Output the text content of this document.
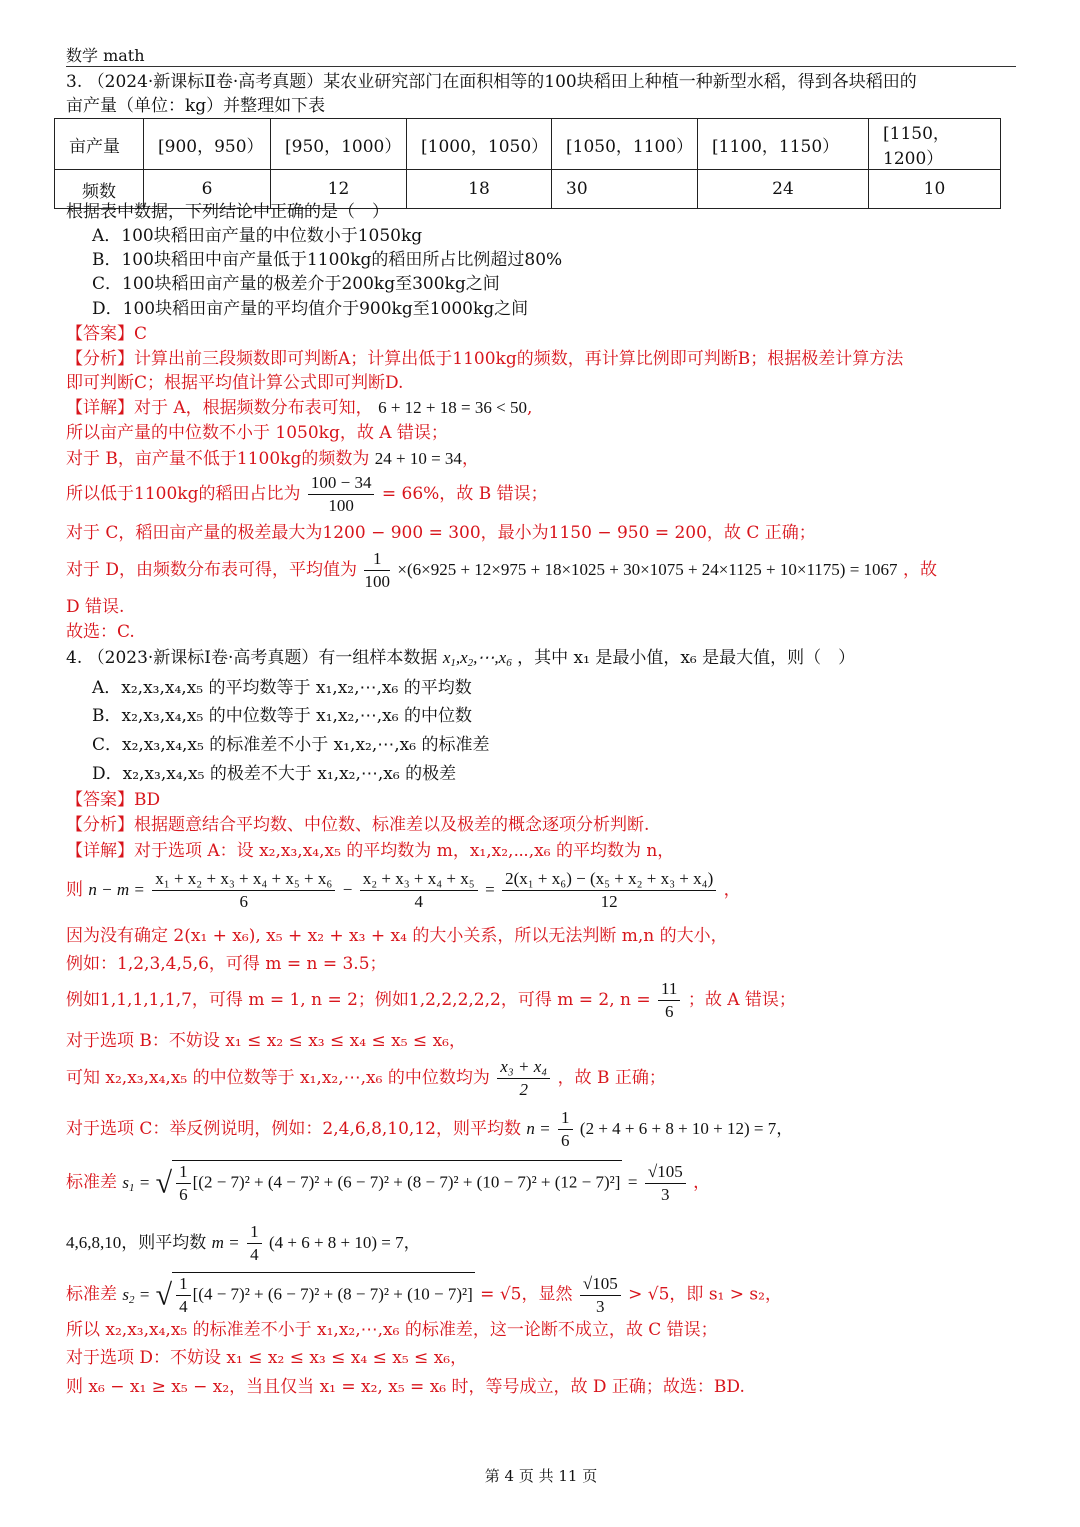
数学 math
3. （2024·新课标Ⅱ卷·高考真题）某农业研究部门在面积相等的100块稻田上种植一种新型水稻，得到各块稻田的
亩产量（单位：kg）并整理如下表
亩产量	[900，950）	[950，1000）	[1000，1050）	[1050，1100）	[1100，1150）	[1150，1200）
频数	6	12	18	30	24	10
根据表中数据，下列结论中正确的是（　）
A．100块稻田亩产量的中位数小于1050kg
B．100块稻田中亩产量低于1100kg的稻田所占比例超过80%
C．100块稻田亩产量的极差介于200kg至300kg之间
D．100块稻田亩产量的平均值介于900kg至1000kg之间
【答案】C
【分析】计算出前三段频数即可判断A；计算出低于1100kg的频数，再计算比例即可判断B；根据极差计算方法
即可判断C；根据平均值计算公式即可判断D.
【详解】对于 A，根据频数分布表可知， 6 + 12 + 18 = 36 < 50,
所以亩产量的中位数不小于 1050kg，故 A 错误；
对于 B，亩产量不低于1100kg的频数为 24 + 10 = 34，
所以低于1100kg的稻田占比为 $\frac{100 - 34}{100} = 66\%$，故 B 错误；
对于 C，稻田亩产量的极差最大为1200 − 900 = 300，最小为1150 − 950 = 200，故 C 正确；
对于 D，由频数分布表可得，平均值为 $\frac{1}{100} \times(6\times 925 + 12\times 975 + 18\times 1025 + 30\times 1075 + 24\times 1125 + 10\times 1175) = 1067$ ，故
D 错误.
故选：C.
4. （2023·新课标Ⅰ卷·高考真题）有一组样本数据 $x_1,x_2,\cdots,x_6$ ，其中 x₁ 是最小值，x₆ 是最大值，则（　）
A．x₂,x₃,x₄,x₅ 的平均数等于 x₁,x₂,⋯,x₆ 的平均数
B．x₂,x₃,x₄,x₅ 的中位数等于 x₁,x₂,⋯,x₆ 的中位数
C．x₂,x₃,x₄,x₅ 的标准差不小于 x₁,x₂,⋯,x₆ 的标准差
D．x₂,x₃,x₄,x₅ 的极差不大于 x₁,x₂,⋯,x₆ 的极差
【答案】BD
【分析】根据题意结合平均数、中位数、标准差以及极差的概念逐项分析判断.
【详解】对于选项 A：设 x₂,x₃,x₄,x₅ 的平均数为 m，x₁,x₂,⋯,x₆ 的平均数为 n，
则 $n - m = \frac{\text{x₁ + x₂ + x₃ + x₄ + x₅ + x₆}}{6} - \frac{\text{x₂ + x₃ + x₄ + x₅}}{4} = \frac{\text{2(x₁ + x₆) − (x₅ + x₂ + x₃ + x₄)}}{12}$ ，
因为没有确定 2(x₁ + x₆), x₅ + x₂ + x₃ + x₄ 的大小关系，所以无法判断 m,n 的大小，
例如：1,2,3,4,5,6，可得 m = n = 3.5；
例如1,1,1,1,1,7，可得 m = 1, n = 2；例如1,2,2,2,2,2，可得 m = 2, $n = \frac{11}{6}$ ；故 A 错误；
对于选项 B：不妨设 x₁ ≤ x₂ ≤ x₃ ≤ x₄ ≤ x₅ ≤ x₆，
可知 x₂,x₃,x₄,x₅ 的中位数等于 x₁,x₂,⋯,x₆ 的中位数均为 $\frac{\text{x₃ + x₄}}{2}$ ，故 B 正确；
对于选项 C：举反例说明，例如：2,4,6,8,10,12，则平均数 $n = \frac{1}{6} (2 + 4 + 6 + 8 + 10 + 12) = 7$，
标准差 $s_1$ = √ $\frac{1}{6} [(2 - 7)^2 + (4 - 7)^2 + (6 - 7)^2 + (8 - 7)^2 + (10 - 7)^2 + (12 - 7)^2] = \frac{√105}{3}$ ，
4,6,8,10，则平均数 $m = \frac{1}{4} (4 + 6 + 8 + 10) = 7$，
标准差 $s_2$ = √ $\frac{1}{4} [(4 - 7)^2 + (6 - 7)^2 + (8 - 7)^2 + (10 - 7)^2] = √5$，显然 $\frac{√105}{3} > √5$，即 s₁ > s₂，
所以 x₂,x₃,x₄,x₅ 的标准差不小于 x₁,x₂,⋯,x₆ 的标准差，这一论断不成立，故 C 错误；
对于选项 D：不妨设 x₁ ≤ x₂ ≤ x₃ ≤ x₄ ≤ x₅ ≤ x₆，
则 x₆ − x₁ ≥ x₅ − x₂，当且仅当 x₁ = x₂, x₅ = x₆ 时，等号成立，故 D 正确；故选：BD.
第 4 页 共 11 页
